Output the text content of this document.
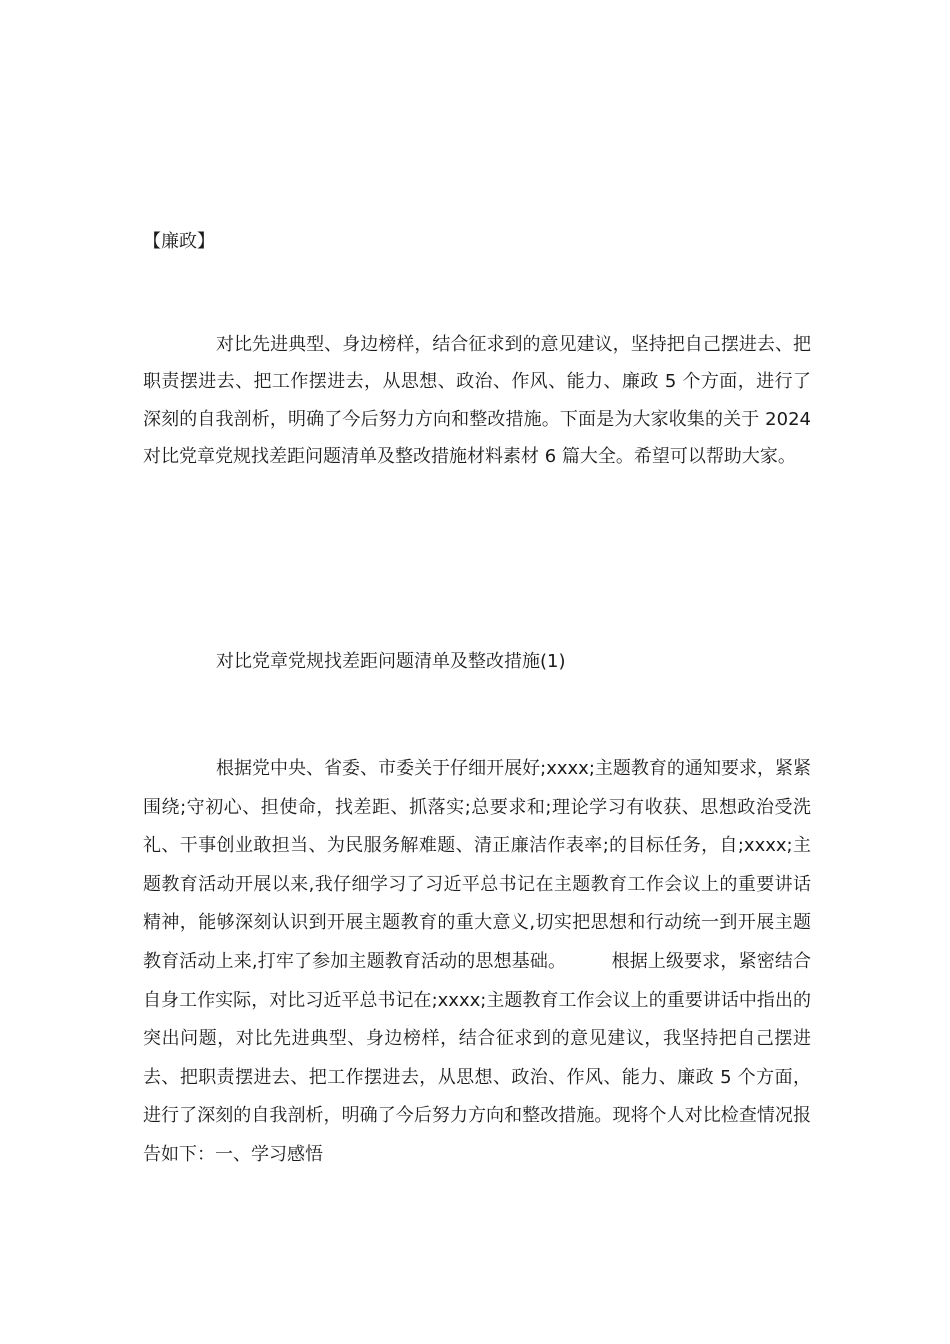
【廉政】

对比先进典型、身边榜样，结合征求到的意见建议，坚持把自己摆进去、把职责摆进去、把工作摆进去，从思想、政治、作风、能力、廉政 5 个方面，进行了深刻的自我剖析，明确了今后努力方向和整改措施。下面是为大家收集的关于 2024 对比党章党规找差距问题清单及整改措施材料素材 6 篇大全。希望可以帮助大家。

对比党章党规找差距问题清单及整改措施(1)

根据党中央、省委、市委关于仔细开展好;xxxx;主题教育的通知要求，紧紧围绕;守初心、担使命，找差距、抓落实;总要求和;理论学习有收获、思想政治受洗礼、干事创业敢担当、为民服务解难题、清正廉洁作表率;的目标任务，自;xxxx;主题教育活动开展以来,我仔细学习了习近平总书记在主题教育工作会议上的重要讲话精神，能够深刻认识到开展主题教育的重大意义,切实把思想和行动统一到开展主题教育活动上来,打牢了参加主题教育活动的思想基础。　　　根据上级要求，紧密结合自身工作实际，对比习近平总书记在;xxxx;主题教育工作会议上的重要讲话中指出的突出问题，对比先进典型、身边榜样，结合征求到的意见建议，我坚持把自己摆进去、把职责摆进去、把工作摆进去，从思想、政治、作风、能力、廉政 5 个方面，进行了深刻的自我剖析，明确了今后努力方向和整改措施。现将个人对比检查情况报告如下：一、学习感悟
